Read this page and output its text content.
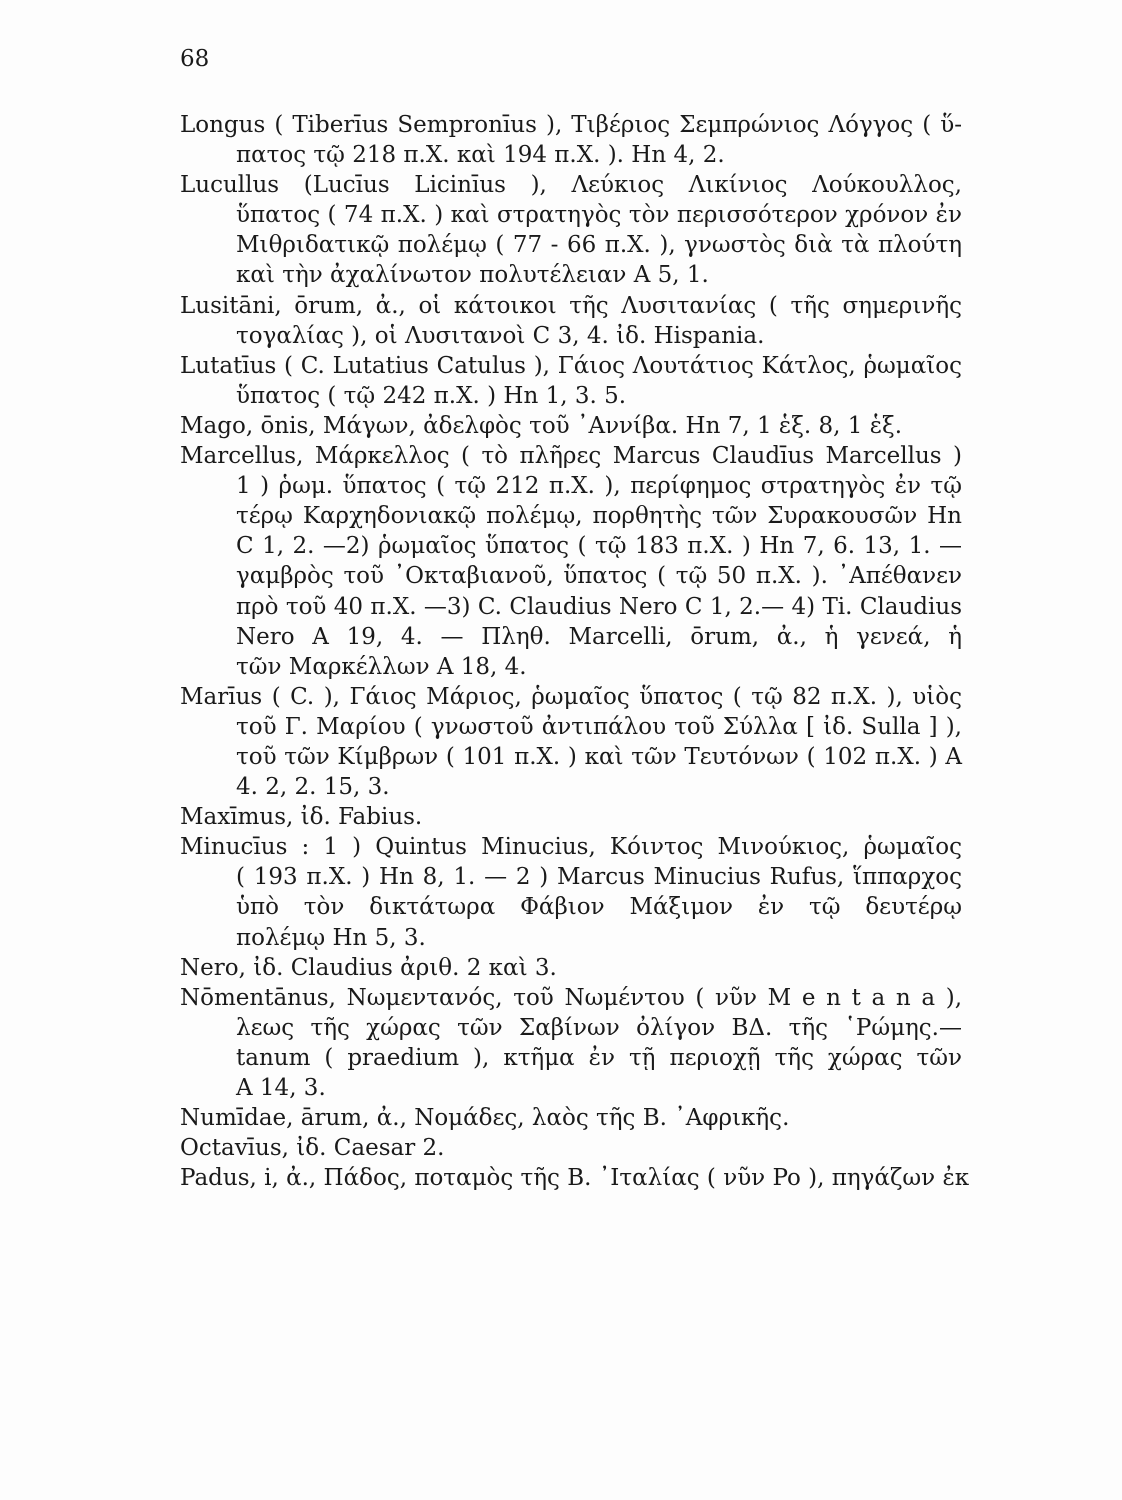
68
Longus ( Tiberīus Sempronīus ), Τιβέριος Σεμπρώνιος Λόγγος ( ὕ-
πατος τῷ 218 π.Χ. καὶ 194 π.Χ. ). Hn 4, 2.
Lucullus (Lucīus Licinīus ), Λεύκιος Λικίνιος Λούκουλλος,
ὕπατος ( 74 π.Χ. ) καὶ στρατηγὸς τὸν περισσότερον χρόνον ἐν
Μιθριδατικῷ πολέμῳ ( 77 - 66 π.Χ. ), γνωστὸς διὰ τὰ πλούτη
καὶ τὴν ἀχαλίνωτον πολυτέλειαν A 5, 1.
Lusitāni, ōrum, ἀ., οἱ κάτοικοι τῆς Λυσιτανίας ( τῆς σημερινῆς
τογαλίας ), οἱ Λυσιτανοὶ C 3, 4. ἰδ. Hispania.
Lutatīus ( C. Lutatius Catulus ), Γάιος Λουτάτιος Κάτλος, ῥωμαῖος
ὕπατος ( τῷ 242 π.Χ. ) Hn 1, 3. 5.
Mago, ōnis, Μάγων, ἀδελφὸς τοῦ ᾿Αννίβα. Hn 7, 1 ἑξ. 8, 1 ἑξ.
Marcellus, Μάρκελλος ( τὸ πλῆρες Marcus Claudīus Marcellus )
1 ) ῥωμ. ὕπατος ( τῷ 212 π.Χ. ), περίφημος στρατηγὸς ἐν τῷ
τέρῳ Καρχηδονιακῷ πολέμῳ, πορθητὴς τῶν Συρακουσῶν Hn
C 1, 2. —2) ῥωμαῖος ὕπατος ( τῷ 183 π.Χ. ) Hn 7, 6. 13, 1. —
γαμβρὸς τοῦ ᾿Οκταβιανοῦ, ὕπατος ( τῷ 50 π.Χ. ). ᾿Απέθανεν
πρὸ τοῦ 40 π.Χ. —3) C. Claudius Nero C 1, 2.— 4) Ti. Claudius
Nero A 19, 4. — Πληθ. Marcelli, ōrum, ἀ., ἡ γενεά, ἡ
τῶν Μαρκέλλων A 18, 4.
Marīus ( C. ), Γάιος Μάριος, ῥωμαῖος ὕπατος ( τῷ 82 π.Χ. ), υἱὸς
τοῦ Γ. Μαρίου ( γνωστοῦ ἀντιπάλου τοῦ Σύλλα [ ἰδ. Sulla ] ),
τοῦ τῶν Κίμβρων ( 101 π.Χ. ) καὶ τῶν Τευτόνων ( 102 π.Χ. ) A
4. 2, 2. 15, 3.
Maxīmus, ἰδ. Fabius.
Minucīus : 1 ) Quintus Minucius, Κόιντος Μινούκιος, ῥωμαῖος
( 193 π.Χ. ) Hn 8, 1. — 2 ) Marcus Minucius Rufus, ἵππαρχος
ὑπὸ τὸν δικτάτωρα Φάβιον Μάξιμον ἐν τῷ δευτέρῳ
πολέμῳ Hn 5, 3.
Nero, ἰδ. Claudius ἀριθ. 2 καὶ 3.
Nōmentānus, Νωμεντανός, τοῦ Νωμέντου ( νῦν M e n t a n a ),
λεως τῆς χώρας τῶν Σαβίνων ὀλίγον ΒΔ. τῆς ῾Ρώμης.—
tanum ( praedium ), κτῆμα ἐν τῇ περιοχῇ τῆς χώρας τῶν
A 14, 3.
Numīdae, ārum, ἀ., Νομάδες, λαὸς τῆς Β. ᾿Αφρικῆς.
Octavīus, ἰδ. Caesar 2.
Padus, i, ἀ., Πάδος, ποταμὸς τῆς Β. ᾿Ιταλίας ( νῦν Po ), πηγάζων ἐκ
